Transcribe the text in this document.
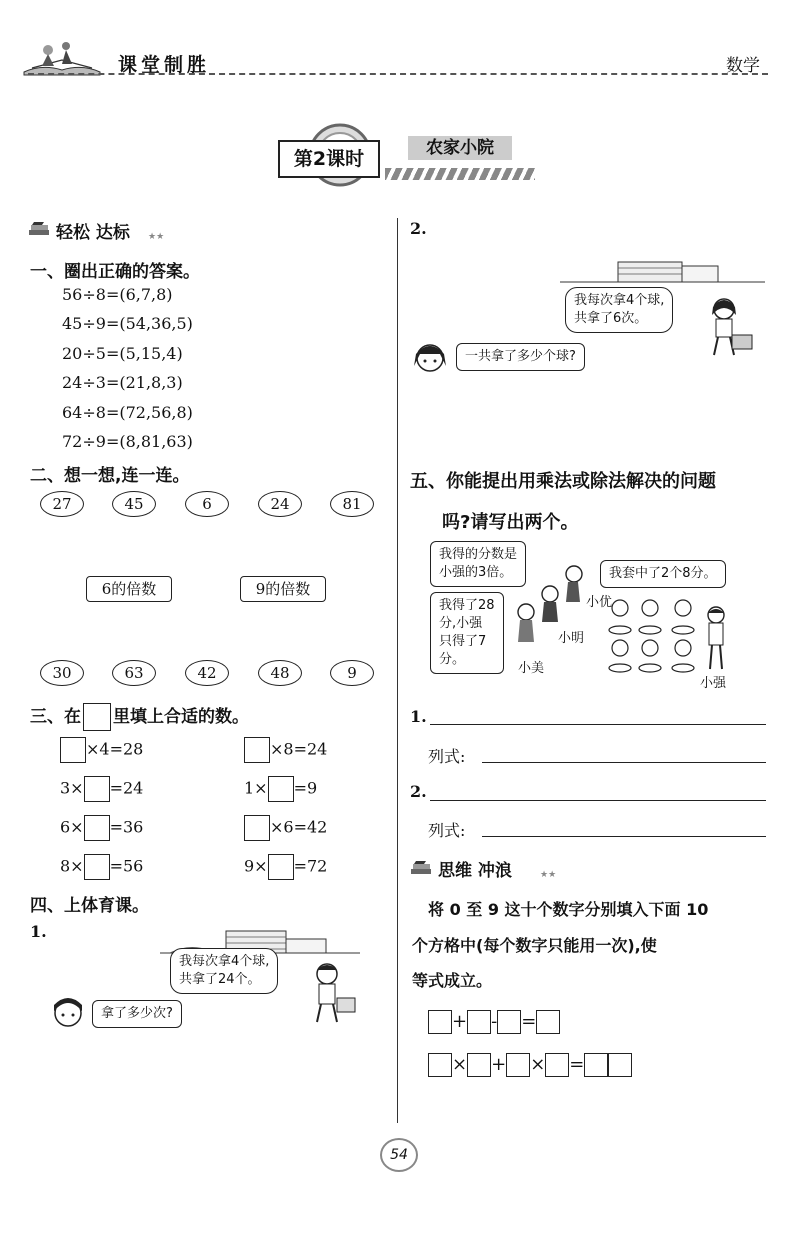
课堂制胜	数学
第2课时	农家小院
轻松 达标 ★★
一、圈出正确的答案。
56÷8=(6,7,8)
45÷9=(54,36,5)
20÷5=(5,15,4)
24÷3=(21,8,3)
64÷8=(72,56,8)
72÷9=(8,81,63)
二、想一想,连一连。
27	45	6	24	81
6的倍数	9的倍数
30	63	42	48	9
三、在 里填上合适的数。
×4=28	×8=24
3× =24	1× =9
6× =36	×6=42
8× =56	9× =72
四、上体育课。
1.
我每次拿4个球,
共拿了24个。
拿了多少次?
2.
我每次拿4个球,
共拿了6次。
一共拿了多少个球?
五、你能提出用乘法或除法解决的问题
吗?请写出两个。
我得的分数是
小强的3倍。	我套中了2个8分。
我得了28
分,小强
只得了7
分。
小优
小明
小美
小强
1.
列式:
2.
列式:
思维 冲浪	★★
将 0 至 9 这十个数字分别填入下面 10
个方格中(每个数字只能用一次),使
等式成立。
+ - =
× + × =
54
